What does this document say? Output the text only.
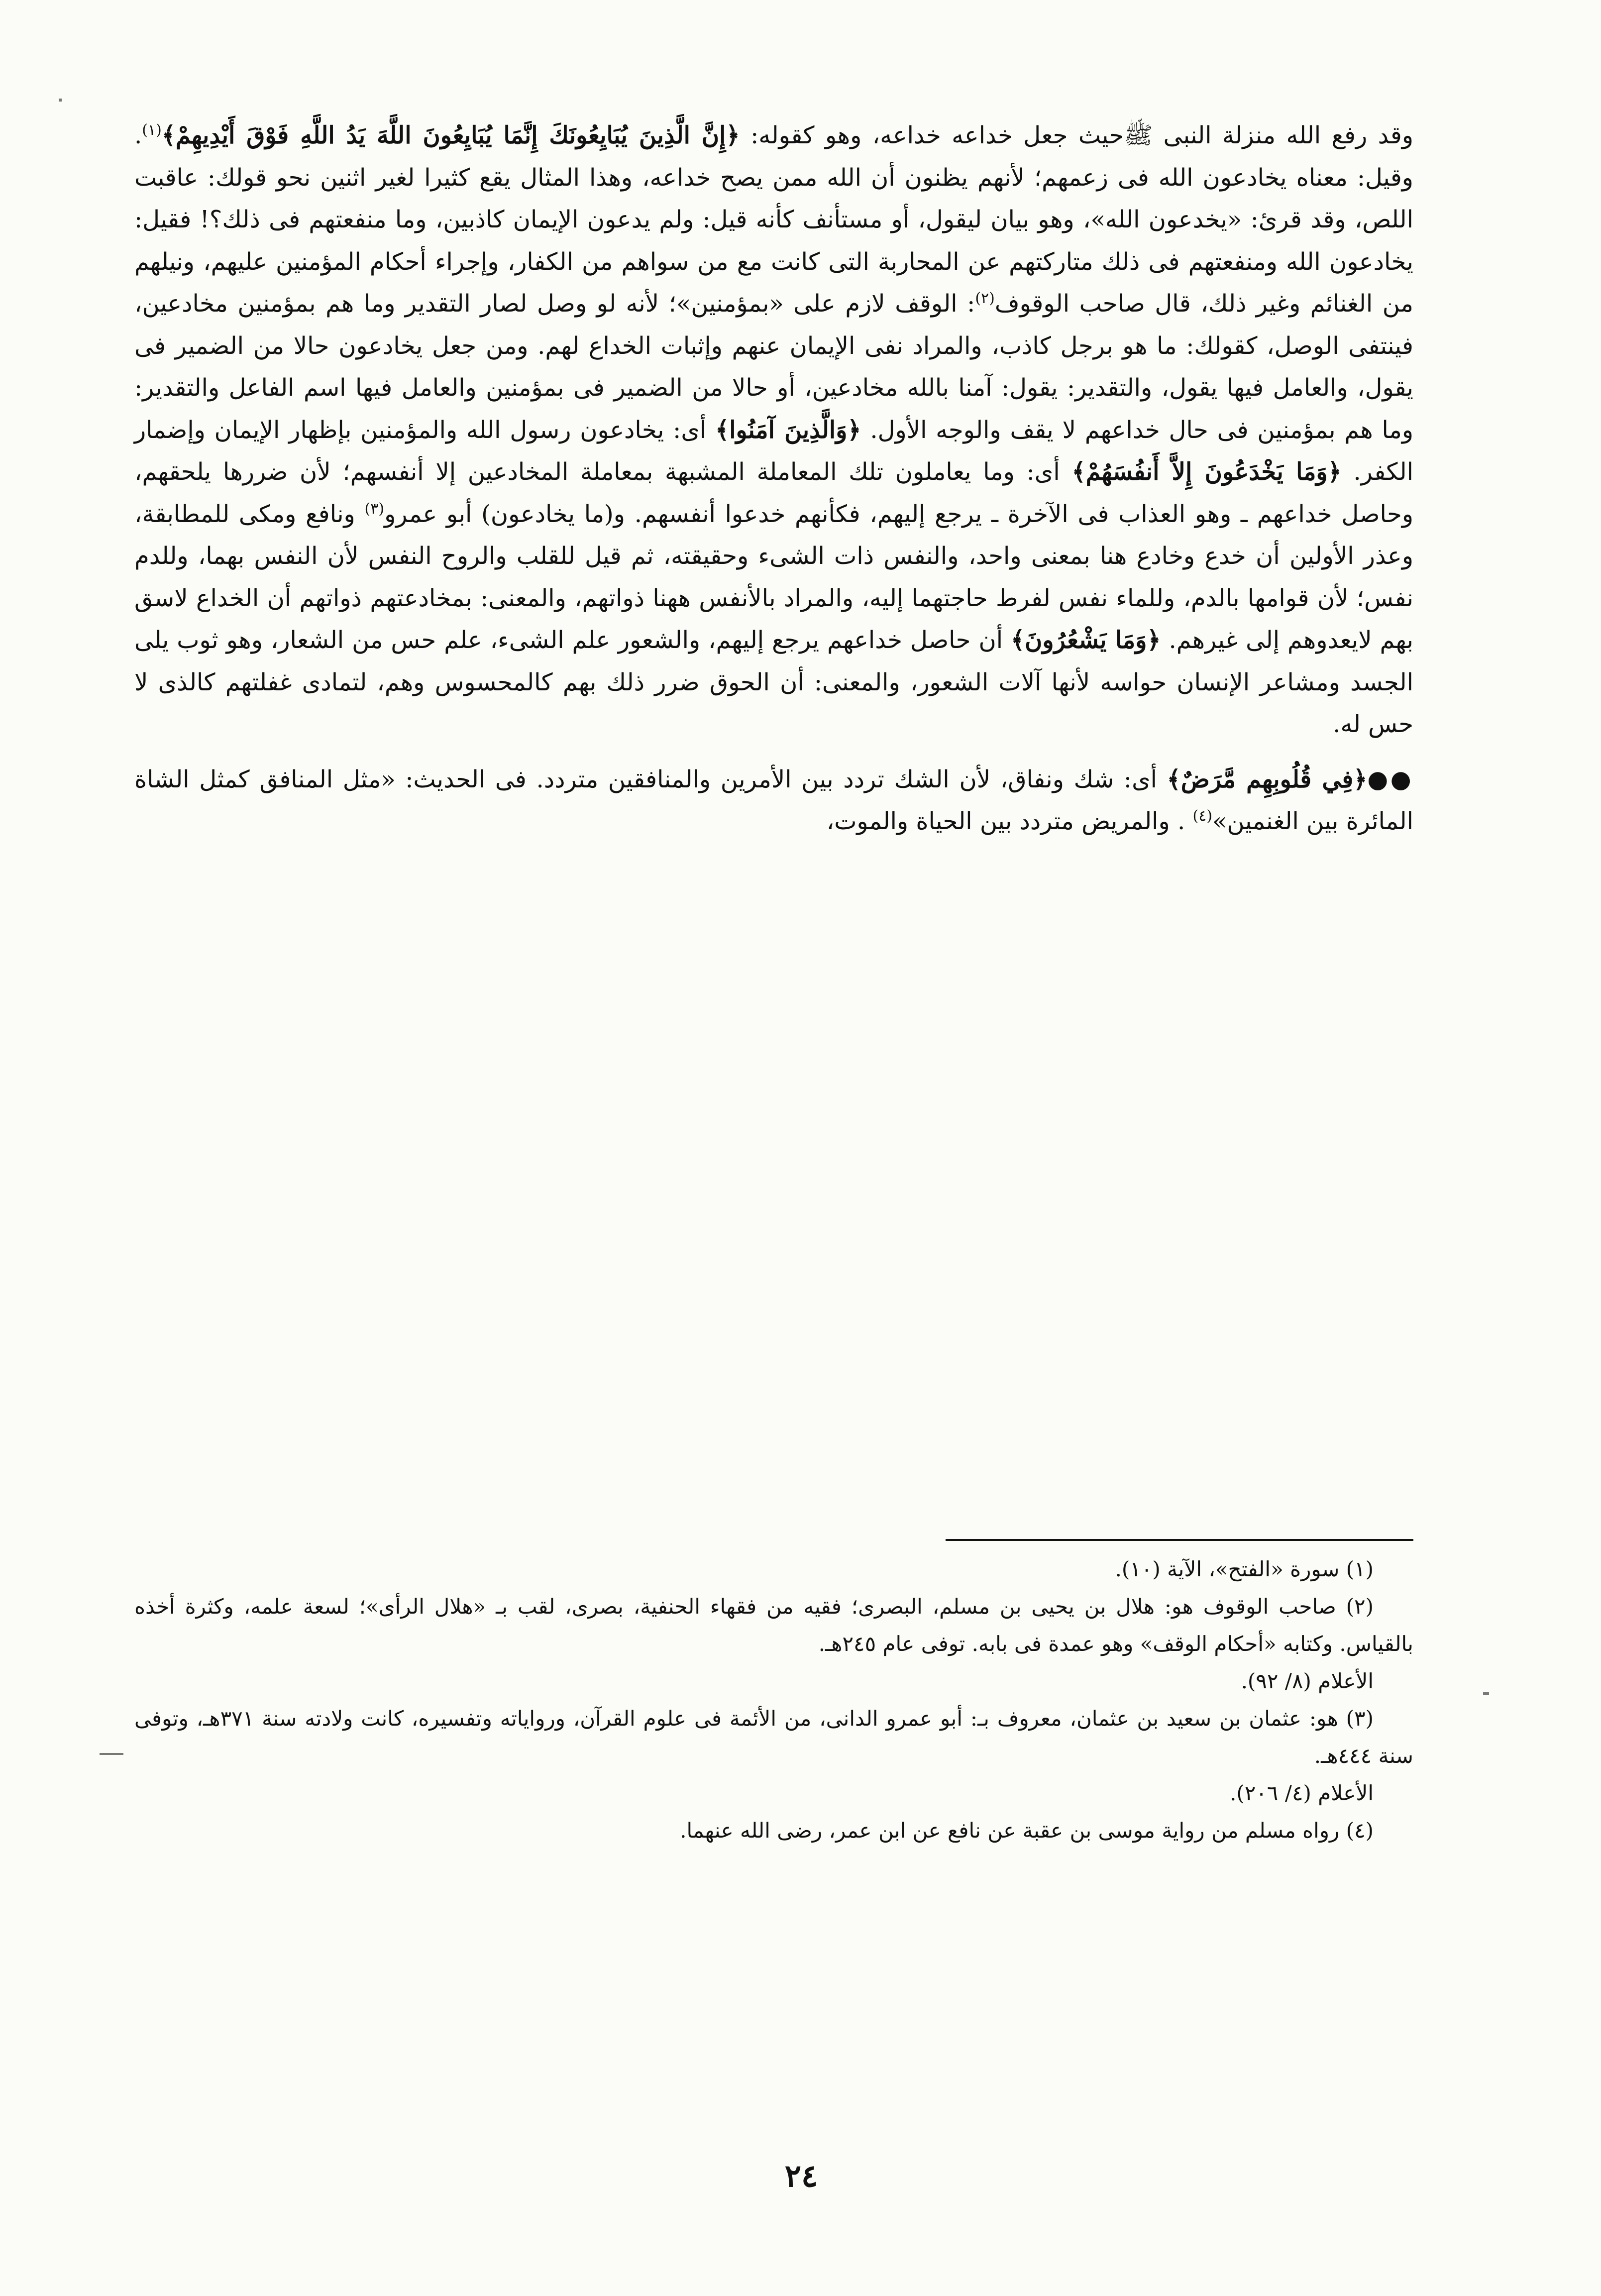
وقد رفع الله منزلة النبى ﷺحيث جعل خداعه خداعه، وهو كقوله: ﴿إِنَّ الَّذِينَ يُبَايِعُونَكَ إِنَّمَا يُبَايِعُونَ اللَّهَ يَدُ اللَّهِ فَوْقَ أَيْدِيهِمْ﴾$^{(١)}$. وقيل: معناه يخادعون الله فى زعمهم؛ لأنهم يظنون أن الله ممن يصح خداعه، وهذا المثال يقع كثيرا لغير اثنين نحو قولك: عاقبت اللص، وقد قرئ: «يخدعون الله»، وهو بيان ليقول، أو مستأنف كأنه قيل: ولم يدعون الإيمان كاذبين، وما منفعتهم فى ذلك؟! فقيل: يخادعون الله ومنفعتهم فى ذلك متاركتهم عن المحاربة التى كانت مع من سواهم من الكفار، وإجراء أحكام المؤمنين عليهم، ونيلهم من الغنائم وغير ذلك، قال صاحب الوقوف$^{(٢)}$: الوقف لازم على «بمؤمنين»؛ لأنه لو وصل لصار التقدير وما هم بمؤمنين مخادعين، فينتفى الوصل، كقولك: ما هو برجل كاذب، والمراد نفى الإيمان عنهم وإثبات الخداع لهم. ومن جعل يخادعون حالا من الضمير فى يقول، والعامل فيها يقول، والتقدير: يقول: آمنا بالله مخادعين، أو حالا من الضمير فى بمؤمنين والعامل فيها اسم الفاعل والتقدير: وما هم بمؤمنين فى حال خداعهم لا يقف والوجه الأول. ﴿وَالَّذِينَ آمَنُوا﴾ أى: يخادعون رسول الله والمؤمنين بإظهار الإيمان وإضمار الكفر. ﴿وَمَا يَخْدَعُونَ إِلاَّ أَنفُسَهُمْ﴾ أى: وما يعاملون تلك المعاملة المشبهة بمعاملة المخادعين إلا أنفسهم؛ لأن ضررها يلحقهم، وحاصل خداعهم ـ وهو العذاب فى الآخرة ـ يرجع إليهم، فكأنهم خدعوا أنفسهم. و(ما يخادعون) أبو عمرو$^{(٣)}$ ونافع ومكى للمطابقة، وعذر الأولين أن خدع وخادع هنا بمعنى واحد، والنفس ذات الشىء وحقيقته، ثم قيل للقلب والروح النفس لأن النفس بهما، وللدم نفس؛ لأن قوامها بالدم، وللماء نفس لفرط حاجتهما إليه، والمراد بالأنفس ههنا ذواتهم، والمعنى: بمخادعتهم ذواتهم أن الخداع لاسق بهم لايعدوهم إلى غيرهم. ﴿وَمَا يَشْعُرُونَ﴾ أن حاصل خداعهم يرجع إليهم، والشعور علم الشىء، علم حس من الشعار، وهو ثوب يلى الجسد ومشاعر الإنسان حواسه لأنها آلات الشعور، والمعنى: أن الحوق ضرر ذلك بهم كالمحسوس وهم، لتمادى غفلتهم كالذى لا حس له.

●●﴿فِي قُلُوبِهِم مَّرَضٌ﴾ أى: شك ونفاق، لأن الشك تردد بين الأمرين والمنافقين متردد. فى الحديث: «مثل المنافق كمثل الشاة المائرة بين الغنمين»$^{(٤)}$ . والمريض متردد بين الحياة والموت،

(١) سورة «الفتح»، الآية (١٠).

(٢) صاحب الوقوف هو: هلال بن يحيى بن مسلم، البصرى؛ فقيه من فقهاء الحنفية، بصرى، لقب بـ «هلال الرأى»؛ لسعة علمه، وكثرة أخذه بالقياس. وكتابه «أحكام الوقف» وهو عمدة فى بابه. توفى عام ٢٤٥هـ.

الأعلام (٨/ ٩٢).

(٣) هو: عثمان بن سعيد بن عثمان، معروف بـ: أبو عمرو الدانى، من الأئمة فى علوم القرآن، ورواياته وتفسيره، كانت ولادته سنة ٣٧١هـ، وتوفى سنة ٤٤٤هـ.

الأعلام (٤/ ٢٠٦).

(٤) رواه مسلم من رواية موسى بن عقبة عن نافع عن ابن عمر، رضى الله عنهما.

٢٤
